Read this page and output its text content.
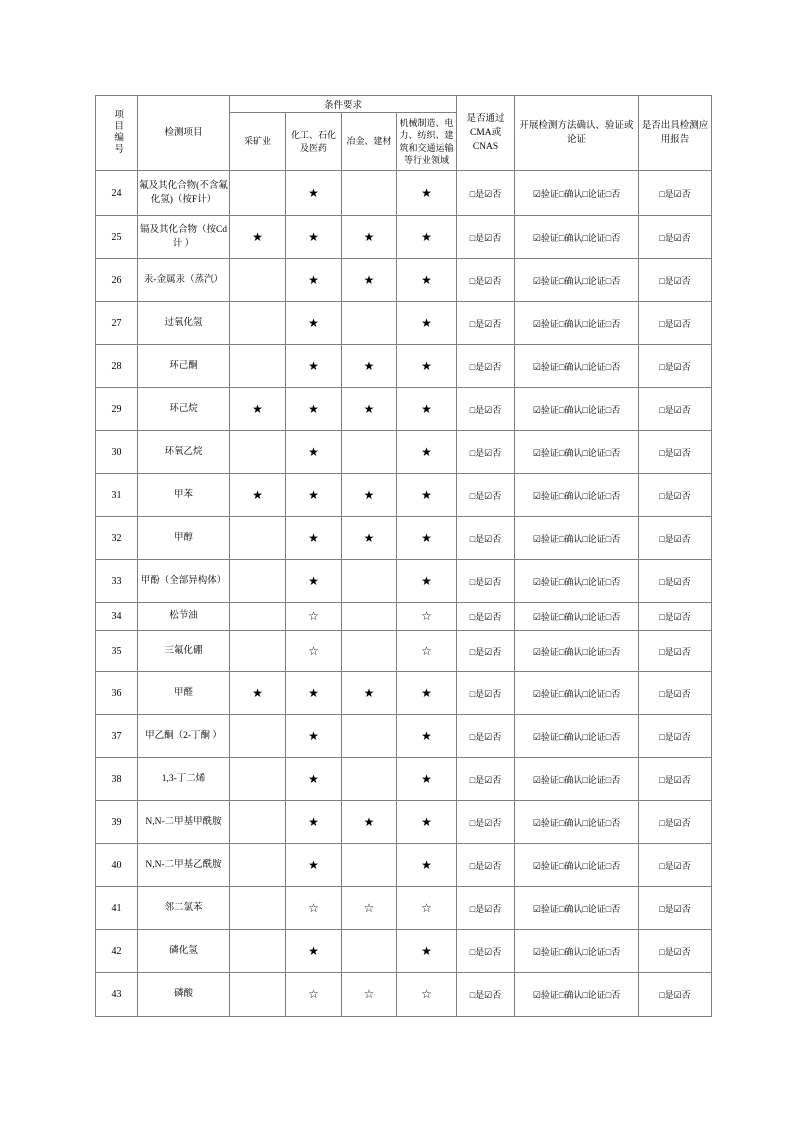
项目编号	检测项目	条件要求				是否通过CMA或CNAS	开展检测方法确认、验证或论证	是否出具检测应用报告
		采矿业	化工、石化及医药	冶金、建材	机械制造、电力、纺织、建筑和交通运输等行业领域			
24	氟及其化合物(不含氟化氢)（按F计）		★		★	□是☑否	☑验证□确认□论证□否	□是☑否
25	镉及其化合物（按Cd计 ）	★	★	★	★	□是☑否	☑验证□确认□论证□否	□是☑否
26	汞-金属汞（蒸汽）		★	★	★	□是☑否	☑验证□确认□论证□否	□是☑否
27	过氧化氢		★		★	□是☑否	☑验证□确认□论证□否	□是☑否
28	环己酮		★	★	★	□是☑否	☑验证□确认□论证□否	□是☑否
29	环己烷	★	★	★	★	□是☑否	☑验证□确认□论证□否	□是☑否
30	环氧乙烷		★		★	□是☑否	☑验证□确认□论证□否	□是☑否
31	甲苯	★	★	★	★	□是☑否	☑验证□确认□论证□否	□是☑否
32	甲醇		★	★	★	□是☑否	☑验证□确认□论证□否	□是☑否
33	甲酚（全部异构体）		★		★	□是☑否	☑验证□确认□论证□否	□是☑否
34	松节油		☆		☆	□是☑否	☑验证□确认□论证□否	□是☑否
35	三氟化硼		☆		☆	□是☑否	☑验证□确认□论证□否	□是☑否
36	甲醛	★	★	★	★	□是☑否	☑验证□确认□论证□否	□是☑否
37	甲乙酮（2-丁酮 ）		★		★	□是☑否	☑验证□确认□论证□否	□是☑否
38	1,3-丁二烯		★		★	□是☑否	☑验证□确认□论证□否	□是☑否
39	N,N-二甲基甲酰胺		★	★	★	□是☑否	☑验证□确认□论证□否	□是☑否
40	N,N-二甲基乙酰胺		★		★	□是☑否	☑验证□确认□论证□否	□是☑否
41	邻二氯苯		☆	☆	☆	□是☑否	☑验证□确认□论证□否	□是☑否
42	磷化氢		★		★	□是☑否	☑验证□确认□论证□否	□是☑否
43	磷酸		☆	☆	☆	□是☑否	☑验证□确认□论证□否	□是☑否
